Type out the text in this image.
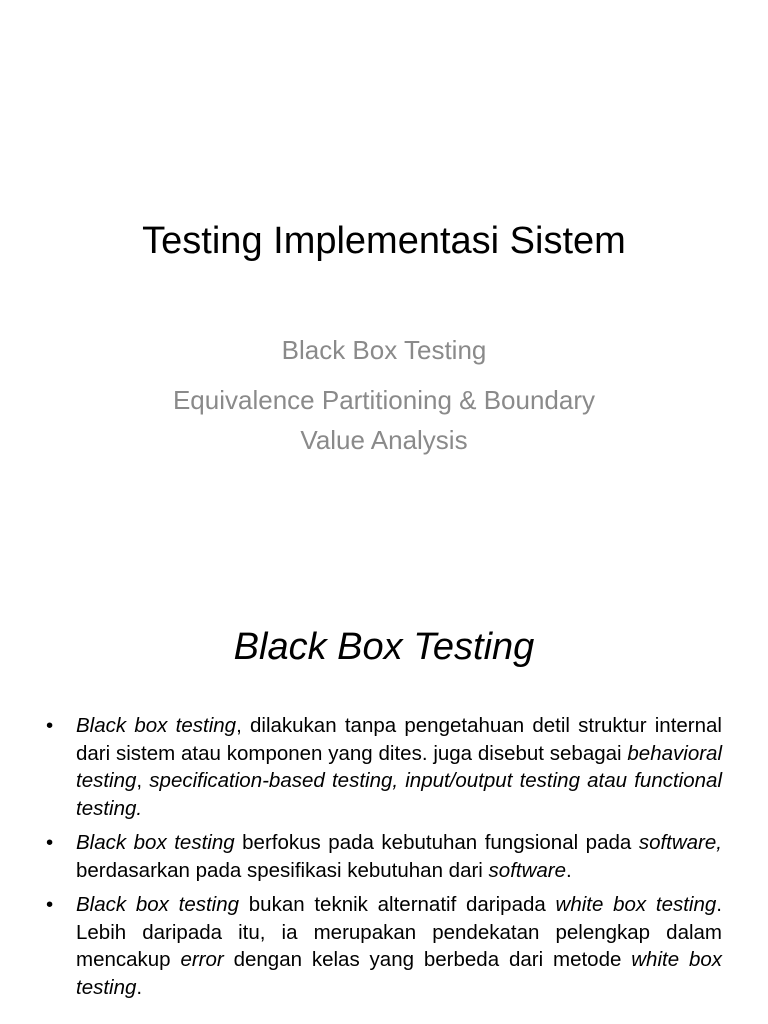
Testing Implementasi Sistem
Black Box Testing
Equivalence Partitioning & Boundary
Value Analysis
Black Box Testing
• Black box testing, dilakukan tanpa pengetahuan detil struktur internal dari sistem atau komponen yang dites. juga disebut sebagai behavioral testing, specification-based testing, input/output testing atau functional testing.
• Black box testing berfokus pada kebutuhan fungsional pada software, berdasarkan pada spesifikasi kebutuhan dari software.
• Black box testing bukan teknik alternatif daripada white box testing. Lebih daripada itu, ia merupakan pendekatan pelengkap dalam mencakup error dengan kelas yang berbeda dari metode white box testing.
